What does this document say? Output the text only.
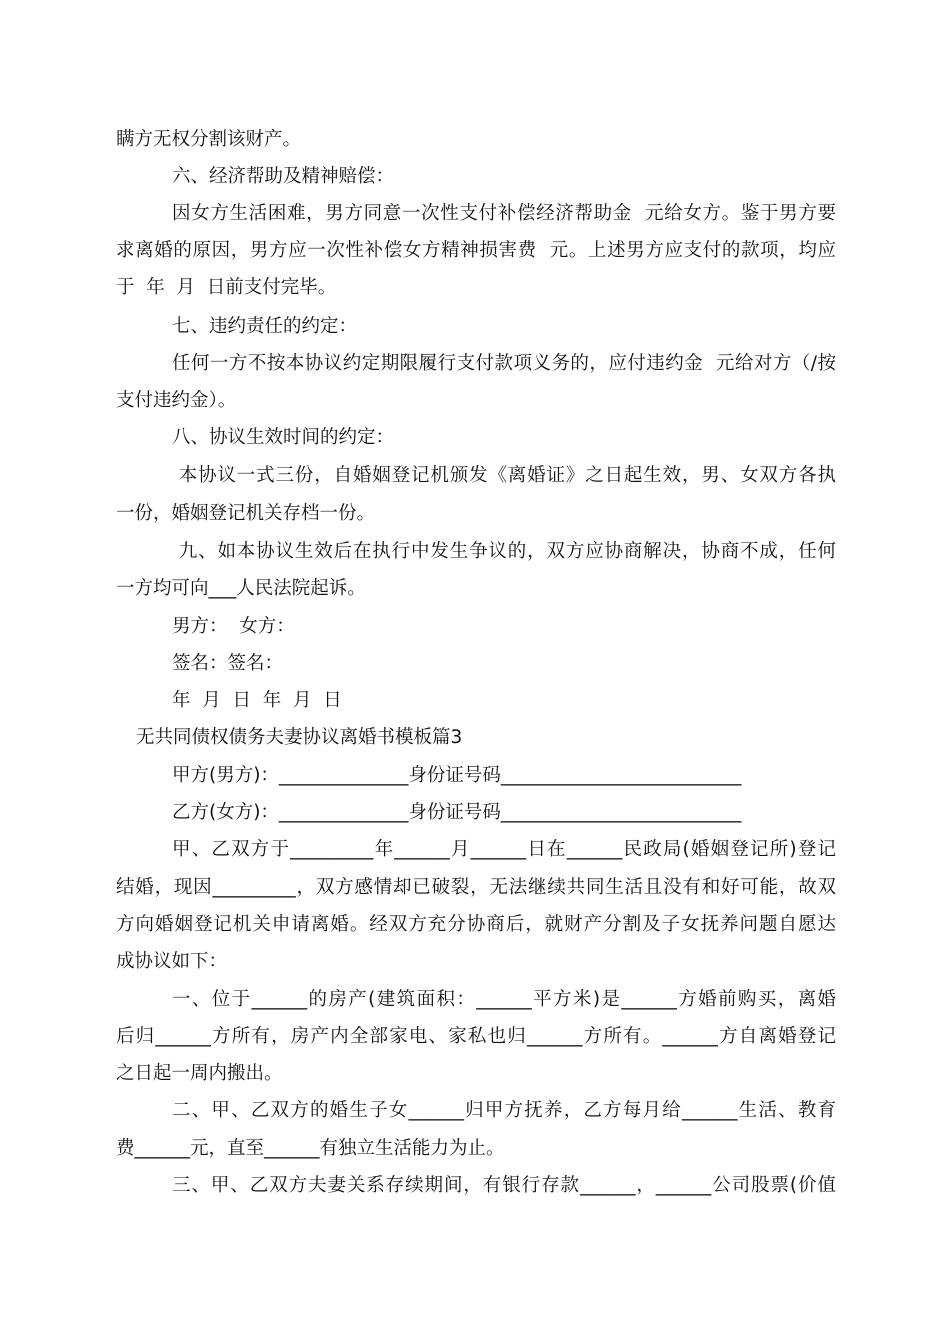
瞒方无权分割该财产。
六、经济帮助及精神赔偿：
因女方生活困难，男方同意一次性支付补偿经济帮助金  元给女方。鉴于男方要
求离婚的原因，男方应一次性补偿女方精神损害费  元。上述男方应支付的款项，均应
于  年  月  日前支付完毕。
七、违约责任的约定：
任何一方不按本协议约定期限履行支付款项义务的，应付违约金  元给对方（/按
支付违约金）。
八、协议生效时间的约定：
本协议一式三份，自婚姻登记机颁发《离婚证》之日起生效，男、女双方各执
一份，婚姻登记机关存档一份。
九、如本协议生效后在执行中发生争议的，双方应协商解决，协商不成，任何
一方均可向___人民法院起诉。
男方：  女方：
签名：签名：
年  月  日  年  月  日
无共同债权债务夫妻协议离婚书模板篇3
甲方(男方)：______________身份证号码__________________________
乙方(女方)：______________身份证号码__________________________
甲、乙双方于_________年______月______日在______民政局(婚姻登记所)登记
结婚，现因_________，双方感情却已破裂，无法继续共同生活且没有和好可能，故双
方向婚姻登记机关申请离婚。经双方充分协商后，就财产分割及子女抚养问题自愿达
成协议如下：
一、位于______的房产(建筑面积：______平方米)是______方婚前购买，离婚
后归______方所有，房产内全部家电、家私也归______方所有。______方自离婚登记
之日起一周内搬出。
二、甲、乙双方的婚生子女______归甲方抚养，乙方每月给______生活、教育
费______元，直至______有独立生活能力为止。
三、甲、乙双方夫妻关系存续期间，有银行存款______，______公司股票(价值
